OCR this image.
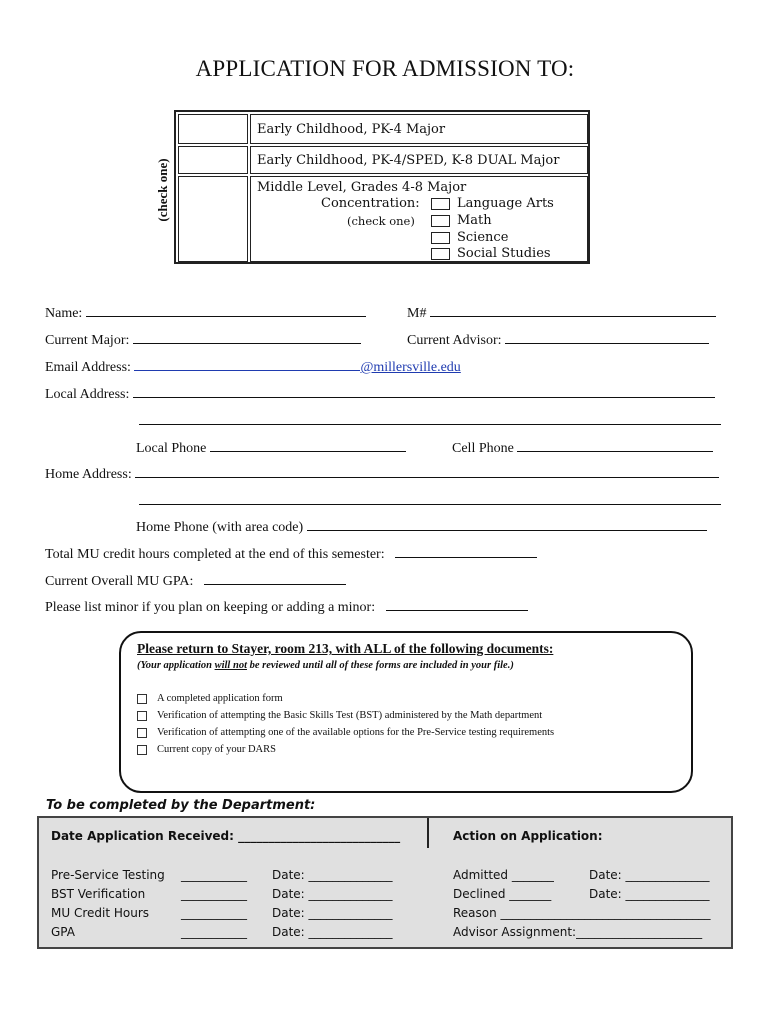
APPLICATION FOR ADMISSION TO:
(check one)
Early Childhood, PK-4 Major
Early Childhood, PK-4/SPED, K-8 DUAL Major
Middle Level, Grades 4-8 Major
Concentration:
(check one)
Language Arts
Math
Science
Social Studies
Name:	M#
Current Major:	Current Advisor:
Email Address:	@millersville.edu
Local Address:
Local Phone	Cell Phone
Home Address:
Home Phone (with area code)
Total MU credit hours completed at the end of this semester:
Current Overall MU GPA:
Please list minor if you plan on keeping or adding a minor:
Please return to Stayer, room 213, with ALL of the following documents:
(Your application will not be reviewed until all of these forms are included in your file.)
A completed application form
Verification of attempting the Basic Skills Test (BST) administered by the Math department
Verification of attempting one of the available options for the Pre-Service testing requirements
Current copy of your DARS
To be completed by the Department:
Date Application Received: ___________________________	Action on Application:
Pre-Service Testing ___________ Date: ______________
BST Verification	___________ Date: ______________
MU Credit Hours	___________ Date: ______________
GPA	___________ Date: ______________
Admitted _______	Date: ______________
Declined _______	Date: ______________
Reason ___________________________________
Advisor Assignment:_____________________
